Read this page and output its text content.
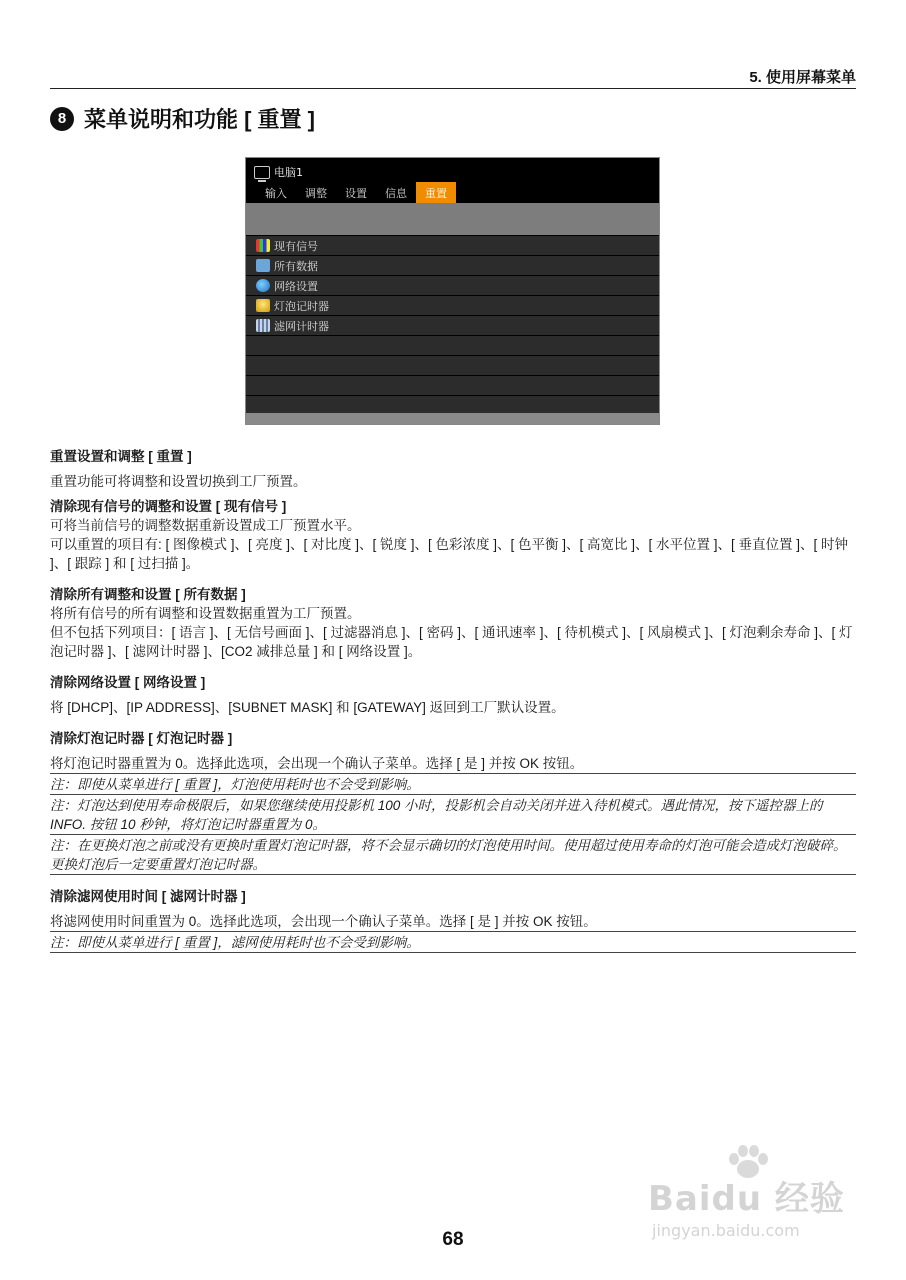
5. 使用屏幕菜单
8 菜单说明和功能 [ 重置 ]
电脑1
输入	调整	设置	信息	重置
现有信号
所有数据
网络设置
灯泡记时器
滤网计时器

重置设置和调整 [ 重置 ]

重置功能可将调整和设置切换到工厂预置。

清除现有信号的调整和设置 [ 现有信号 ]

可将当前信号的调整数据重新设置成工厂预置水平。

可以重置的项目有: [ 图像模式 ]、[ 亮度 ]、[ 对比度 ]、[ 锐度 ]、[ 色彩浓度 ]、[ 色平衡 ]、[ 高宽比 ]、[ 水平位置 ]、[ 垂直位置 ]、[ 时钟 ]、[ 跟踪 ] 和 [ 过扫描 ]。

清除所有调整和设置 [ 所有数据 ]

将所有信号的所有调整和设置数据重置为工厂预置。

但不包括下列项目：[ 语言 ]、[ 无信号画面 ]、[ 过滤器消息 ]、[ 密码 ]、[ 通讯速率 ]、[ 待机模式 ]、[ 风扇模式 ]、[ 灯泡剩余寿命 ]、[ 灯泡记时器 ]、[ 滤网计时器 ]、[CO2 减排总量 ] 和 [ 网络设置 ]。

清除网络设置 [ 网络设置 ]

将 [DHCP]、[IP ADDRESS]、[SUBNET MASK] 和 [GATEWAY] 返回到工厂默认设置。

清除灯泡记时器 [ 灯泡记时器 ]

将灯泡记时器重置为 0。选择此选项，会出现一个确认子菜单。选择 [ 是 ] 并按 OK 按钮。

注：即使从菜单进行 [ 重置 ]，灯泡使用耗时也不会受到影响。

注：灯泡达到使用寿命极限后，如果您继续使用投影机 100 小时，投影机会自动关闭并进入待机模式。遇此情况，按下遥控器上的 INFO. 按钮 10 秒钟，将灯泡记时器重置为 0。

注：在更换灯泡之前或没有更换时重置灯泡记时器，将不会显示确切的灯泡使用时间。使用超过使用寿命的灯泡可能会造成灯泡破碎。更换灯泡后一定要重置灯泡记时器。

清除滤网使用时间 [ 滤网计时器 ]

将滤网使用时间重置为 0。选择此选项，会出现一个确认子菜单。选择 [ 是 ] 并按 OK 按钮。

注：即使从菜单进行 [ 重置 ]，滤网使用耗时也不会受到影响。

Baidu 经验
jingyan.baidu.com
68
